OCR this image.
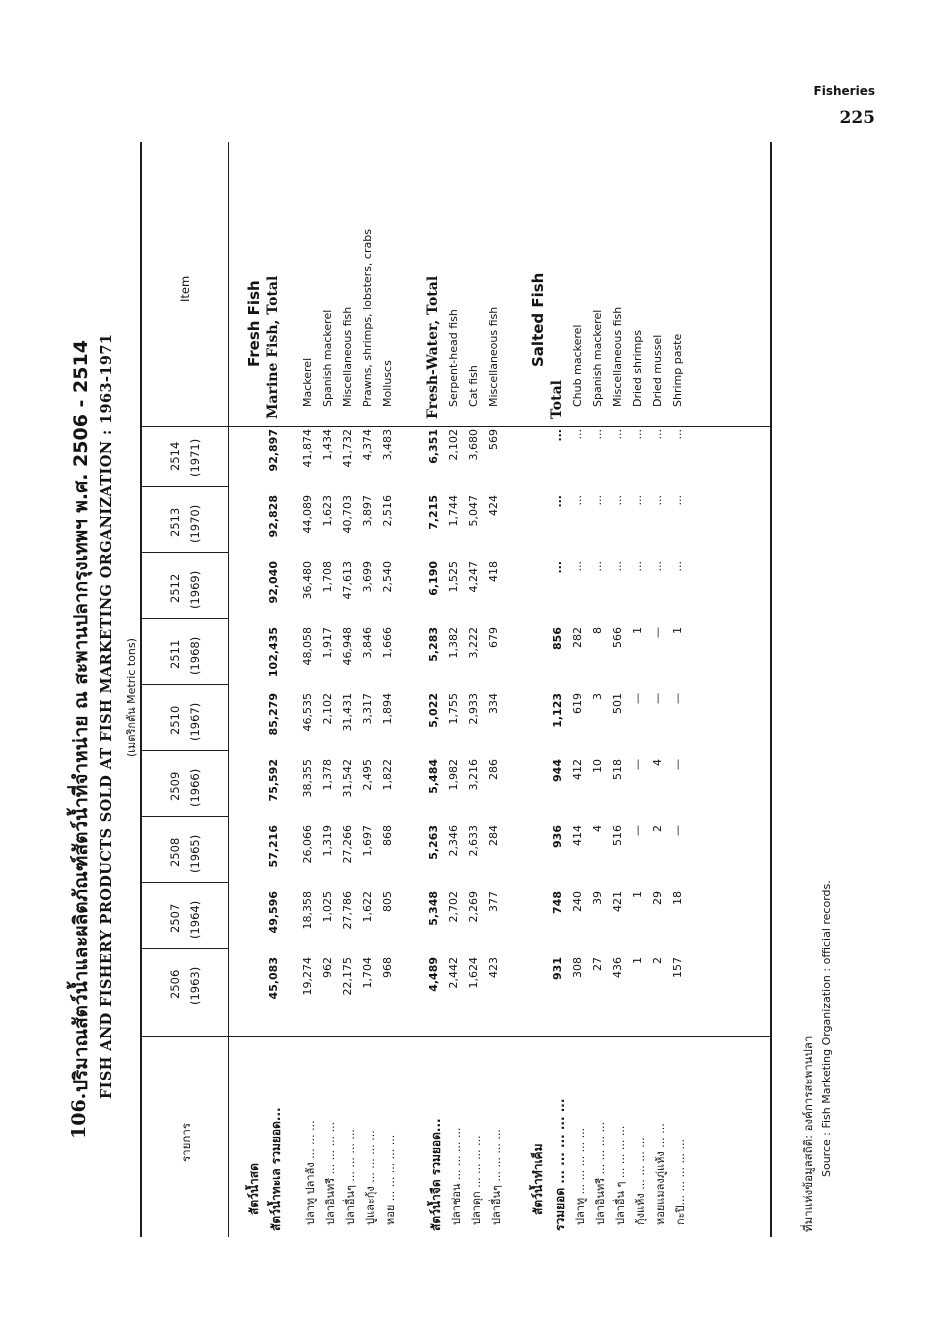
Fisheries
225
106.
ปริมาณสัตว์น้ำและผลิตภัณฑ์สัตว์น้ำที่จำหน่าย ณ สะพานปลากรุงเทพฯ พ.ศ. 2506 - 2514 FISH AND FISHERY PRODUCTS SOLD AT FISH MARKETING ORGANIZATION : 1963-1971 (เมตริกตัน Metric tons)
รายการ
Item
2506 (1963)
2507 (1964)
2508 (1965)
2509 (1966)
2510 (1967)
2511 (1968)
2512 (1969)
2513 (1970)
2514 (1971)
สัตว์น้ำสด
Fresh Fish
สัตว์น้ำทะเล รวมยอด...
Marine Fish, Total
45,083
49,596
57,216
75,592
85,279
102,435
92,040
92,828
92,897
ปลาทู ปลาลัง ... ... ...
Mackerel
19,274
18,358
26,066
38,355
46,535
48,058
36,480
44,089
41,874
ปลาอินทรี ... ... ... ...
Spanish mackerel
962
1,025
1,319
1,378
2,102
1,917
1,708
1,623
1,434
ปลาอื่นๆ ... ... ... ...
Miscellaneous fish
22,175
27,786
27,266
31,542
31,431
46,948
47,613
40,703
41,732
ปูและกุ้ง ... ... ... ...
Prawns, shrimps, lobsters, crabs
1,704
1,622
1,697
2,495
3,317
3,846
3,699
3,897
4,374
หอย ... ... ... ... ...
Molluscs
968
805
868
1,822
1,894
1,666
2,540
2,516
3,483
สัตว์น้ำจืด รวมยอด...
Fresh-Water, Total
4,489
5,348
5,263
5,484
5,022
5,283
6,190
7,215
6,351
ปลาช่อน ... ... ... ...
Serpent-head fish
2,442
2,702
2,346
1,982
1,755
1,382
1,525
1,744
2,102
ปลาดุก ... ... ... ...
Cat fish
1,624
2,269
2,633
3,216
2,933
3,222
4,247
5,047
3,680
ปลาอื่นๆ ... ... ... ...
Miscellaneous fish
423
377
284
286
334
679
418
424
569
สัตว์น้ำทำเค็ม
Salted Fish
รวมยอด ... ... ... ... ...
Total
931
748
936
944
1,123
856
...
...
...
ปลาทู ... ... ... ... ...
Chub mackerel
308
240
414
412
619
282
...
...
...
ปลาอินทรี ... ... ... ...
Spanish mackerel
27
39
4
10
3
8
...
...
...
ปลาอื่น ๆ ... ... ... ...
Miscellaneous fish
436
421
516
518
501
566
...
...
...
กุ้งแห้ง ... ... ... ...
Dried shrimps
1
1
—
—
—
1
...
...
...
หอยแมลงภู่แห้ง ... ...
Dried mussel
2
29
2
4
—
—
...
...
...
กะปิ... ... ... ... ...
Shrimp paste
157
18
—
—
—
1
...
...
...
ที่มาแห่งข้อมูลสถิติ: องค์การสะพานปลา Source : Fish Marketing Organization : official records.
